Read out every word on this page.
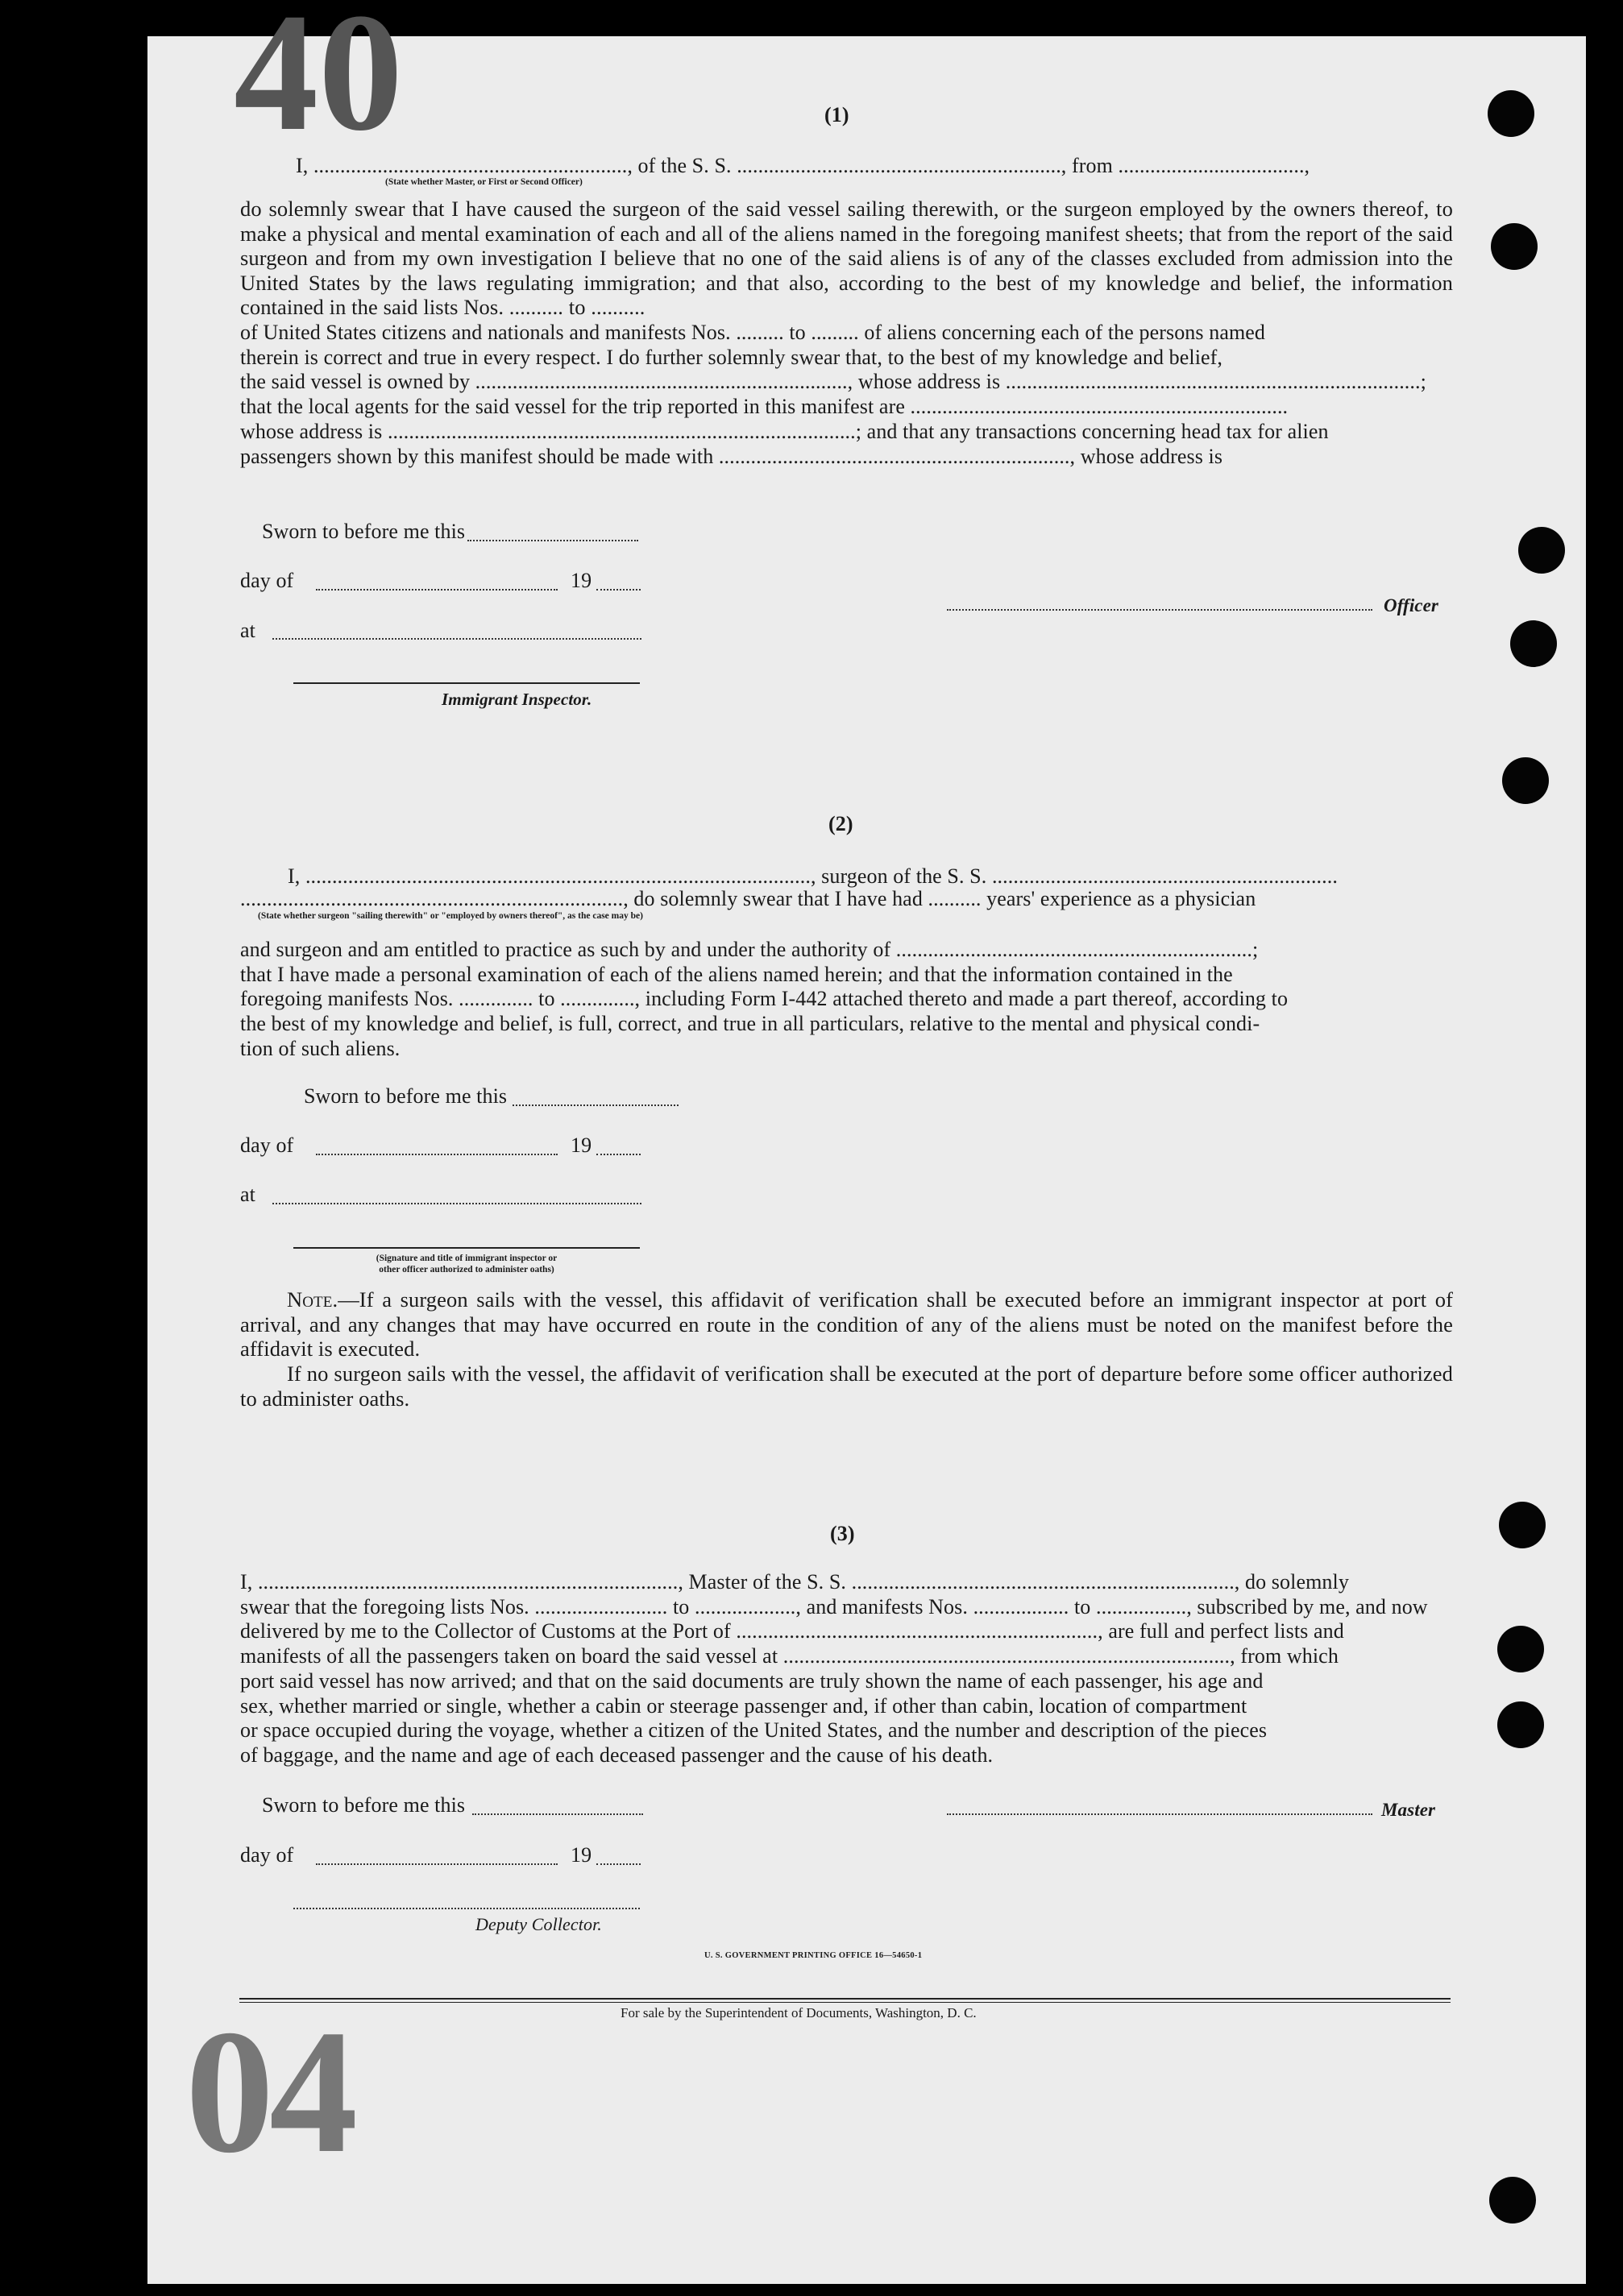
40
04
(1)
I, ..........................................................., of the S. S. ............................................................., from ...................................,
(State whether Master, or First or Second Officer)
do solemnly swear that I have caused the surgeon of the said vessel sailing therewith, or the surgeon employed by the owners thereof, to make a physical and mental examination of each and all of the aliens named in the foregoing manifest sheets; that from the report of the said surgeon and from my own investigation I believe that no one of the said aliens is of any of the classes excluded from admission into the United States by the laws regulating immigration; and that also, according to the best of my knowledge and belief, the information contained in the said lists Nos. .......... to ..........
of United States citizens and nationals and manifests Nos. ......... to ......... of aliens concerning each of the persons named
therein is correct and true in every respect. I do further solemnly swear that, to the best of my knowledge and belief,
the said vessel is owned by ......................................................................, whose address is ..............................................................................;
that the local agents for the said vessel for the trip reported in this manifest are .......................................................................
whose address is ........................................................................................; and that any transactions concerning head tax for alien
passengers shown by this manifest should be made with .................................................................., whose address is
Sworn to before me this
day of	19
at
Immigrant Inspector.
Officer
(2)
I, ..............................................................................................., surgeon of the S. S. .................................................................
........................................................................, do solemnly swear that I have had .......... years' experience as a physician
(State whether surgeon "sailing therewith" or "employed by owners thereof", as the case may be)
and surgeon and am entitled to practice as such by and under the authority of ...................................................................;
that I have made a personal examination of each of the aliens named herein; and that the information contained in the
foregoing manifests Nos. .............. to .............., including Form I-442 attached thereto and made a part thereof, according to
the best of my knowledge and belief, is full, correct, and true in all particulars, relative to the mental and physical condi-
tion of such aliens.
Sworn to before me this
day of	19
at
(Signature and title of immigrant inspector or
other officer authorized to administer oaths)
Note.—If a surgeon sails with the vessel, this affidavit of verification shall be executed before an immigrant inspector at port of arrival, and any changes that may have occurred en route in the condition of any of the aliens must be noted on the manifest before the affidavit is executed.
If no surgeon sails with the vessel, the affidavit of verification shall be executed at the port of departure before some officer authorized to administer oaths.
(3)
I, ..............................................................................., Master of the S. S. ........................................................................, do solemnly
swear that the foregoing lists Nos. ......................... to ..................., and manifests Nos. .................. to ................., subscribed by me, and now
delivered by me to the Collector of Customs at the Port of ...................................................................., are full and perfect lists and
manifests of all the passengers taken on board the said vessel at ...................................................................................., from which
port said vessel has now arrived; and that on the said documents are truly shown the name of each passenger, his age and
sex, whether married or single, whether a cabin or steerage passenger and, if other than cabin, location of compartment
or space occupied during the voyage, whether a citizen of the United States, and the number and description of the pieces
of baggage, and the name and age of each deceased passenger and the cause of his death.
Sworn to before me this
day of	19
Deputy Collector.
Master
U. S. GOVERNMENT PRINTING OFFICE 16—54650-1
For sale by the Superintendent of Documents, Washington, D. C.
